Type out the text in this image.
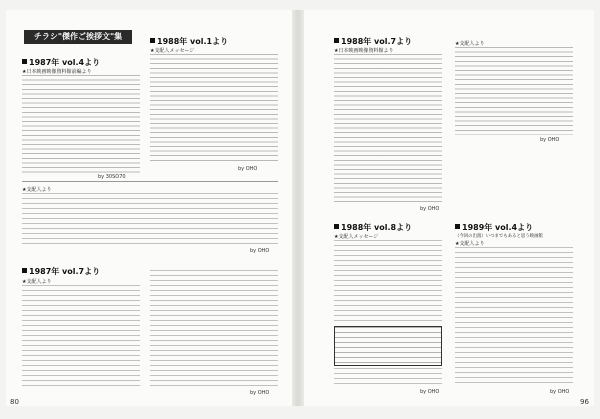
チラシ"傑作ご挨拶文"集
1987年 vol.4より
★日本映画映像資料館前編より
by 30SO70
1988年 vol.1より
★支配人メッセージ
by OHO
★支配人より
by OHO
1987年 vol.7より
★支配人より
by OHO
1988年 vol.7より
★日本映画映像資料館より
by OHO
★支配人より
by OHO
1988年 vol.8より
★支配人メッセージ
by OHO
1989年 vol.4より
（今回の出演）いつまでもあると思う映画館
★支配人より
by OHO
80	96
